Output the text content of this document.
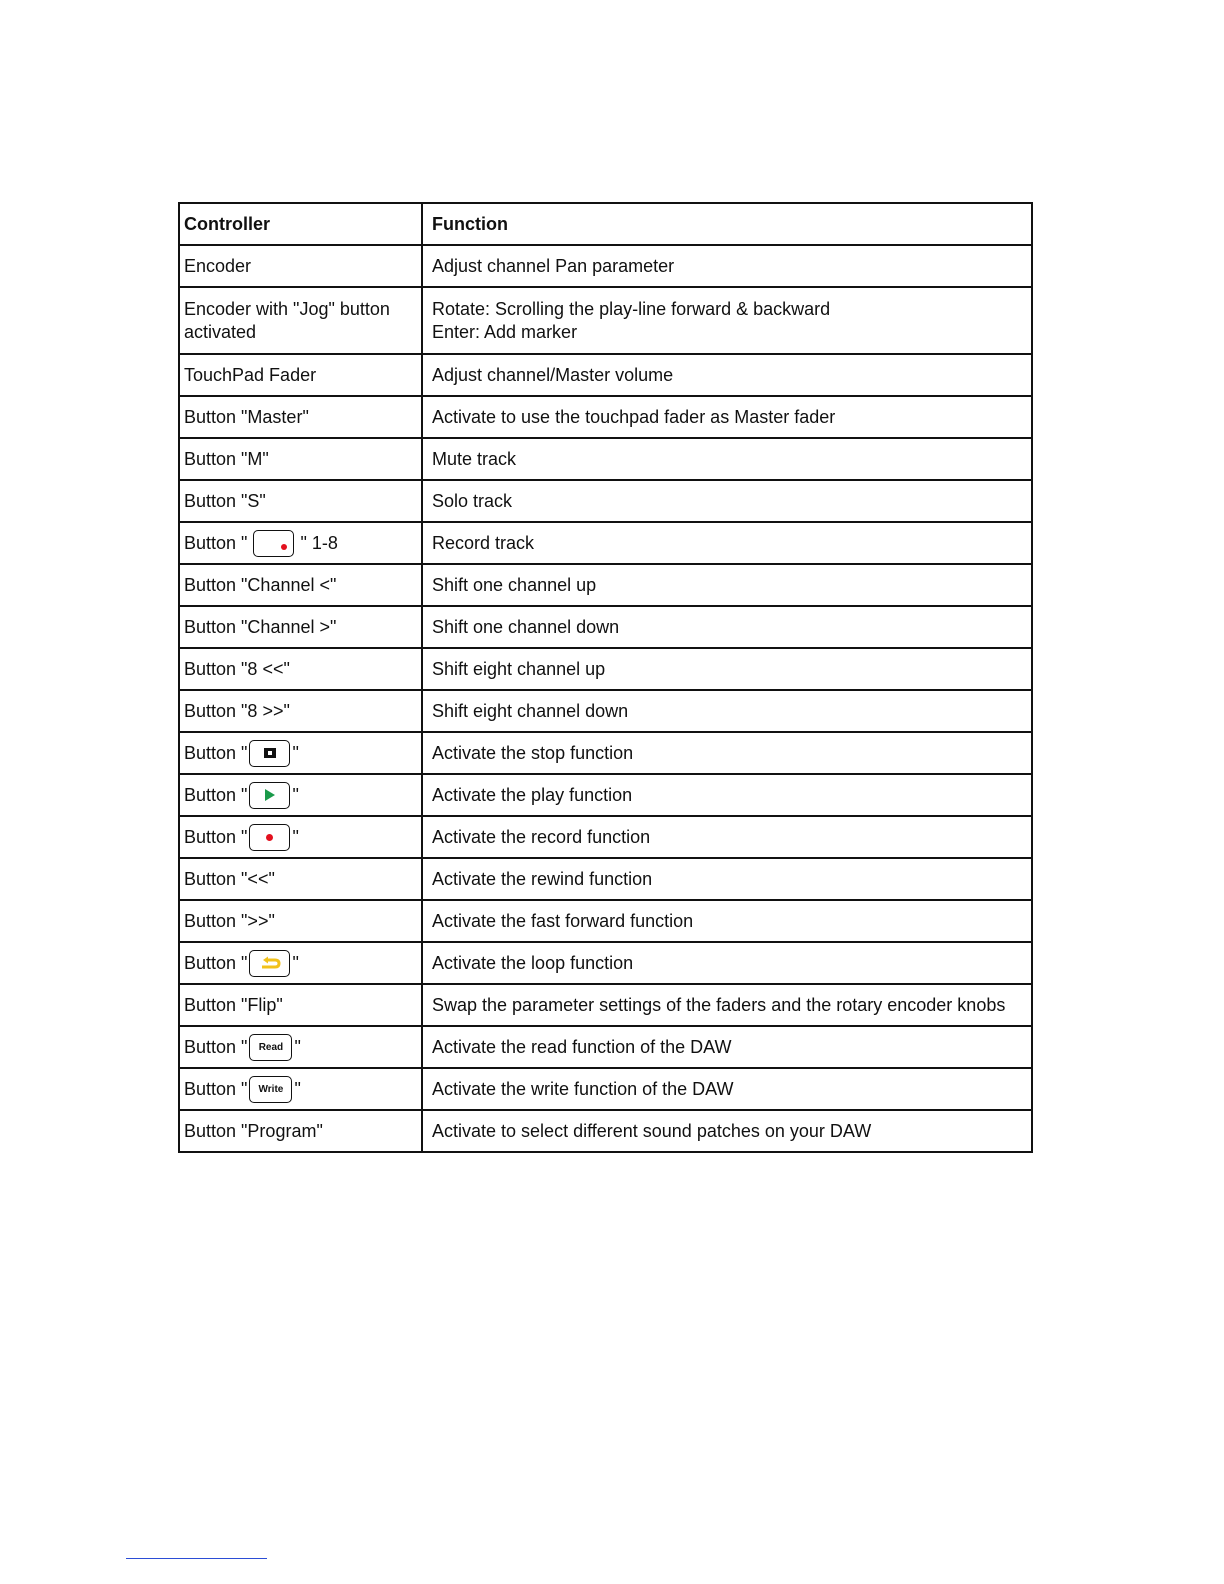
Controller	Function
Encoder	Adjust channel Pan parameter
Encoder with "Jog" button activated	Rotate: Scrolling the play-line forward & backward
Enter: Add marker

TouchPad Fader	Adjust channel/Master volume
Button "Master"	Activate to use the touchpad fader as Master fader
Button "M"	Mute track
Button "S"	Solo track

Button " " 1-8	Record track
Button "Channel <"	Shift one channel up
Button "Channel >"	Shift one channel down
Button "8 <<"	Shift eight channel up
Button "8 >>"	Shift eight channel down

Button " "	Activate the stop function

Button " "	Activate the play function

Button " "	Activate the record function
Button "<<"	Activate the rewind function
Button ">>"	Activate the fast forward function

Button " "	Activate the loop function
Button "Flip"	Swap the parameter settings of the faders and the rotary encoder knobs

Button " Read "	Activate the read function of the DAW

Button " Write "	Activate the write function of the DAW
Button "Program"	Activate to select different sound patches on your DAW
